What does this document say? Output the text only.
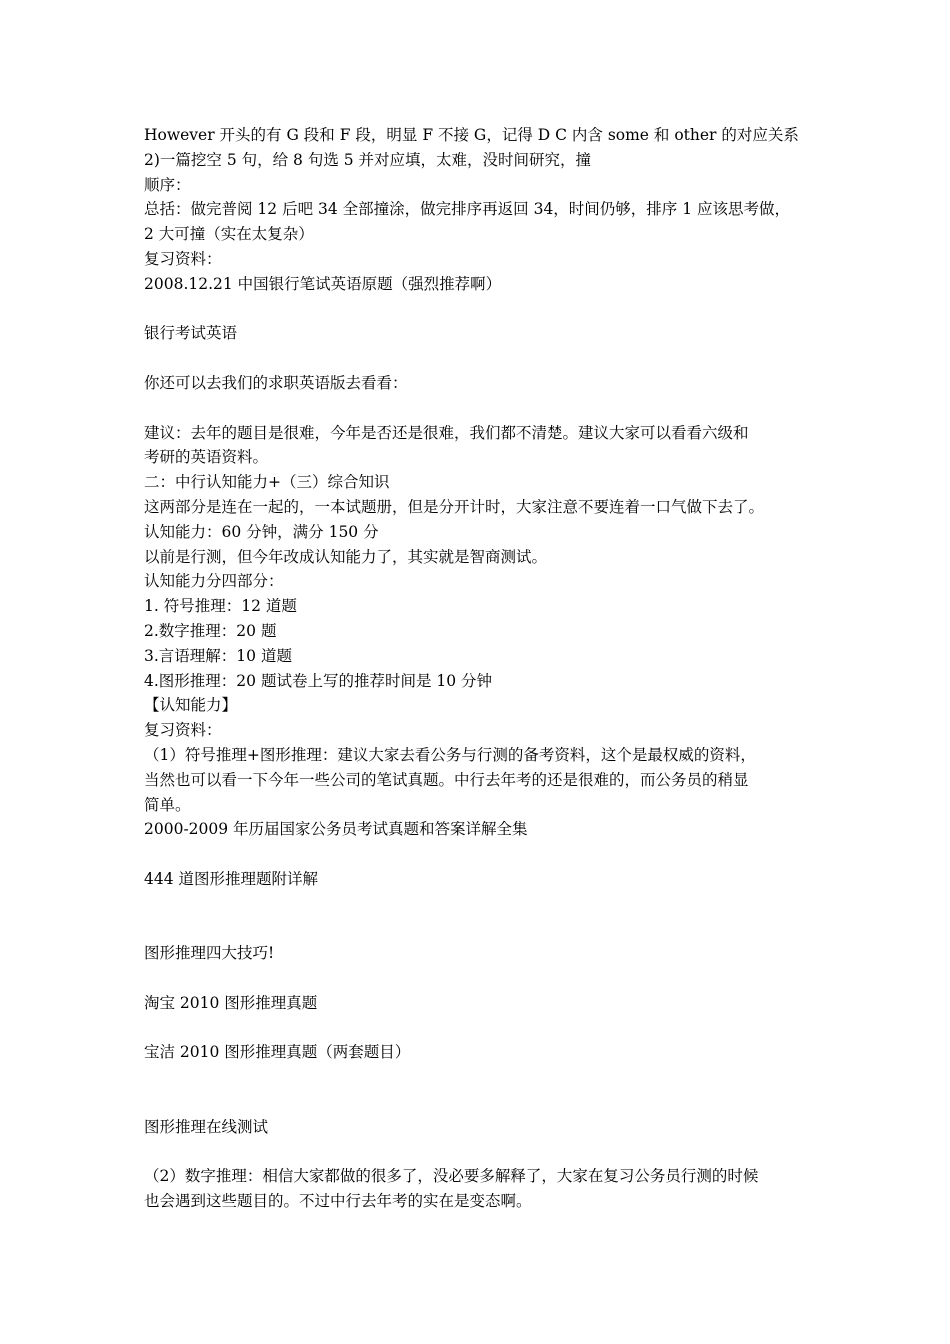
However 开头的有 G 段和 F 段，明显 F 不接 G，记得 D C 内含 some 和 other 的对应关系
2)一篇挖空 5 句，给 8 句选 5 并对应填，太难，没时间研究，撞
顺序：
总括：做完普阅 12 后吧 34 全部撞涂，做完排序再返回 34，时间仍够，排序 1 应该思考做，
2 大可撞（实在太复杂）
复习资料：
2008.12.21 中国银行笔试英语原题（强烈推荐啊）
银行考试英语
你还可以去我们的求职英语版去看看：
建议：去年的题目是很难，今年是否还是很难，我们都不清楚。建议大家可以看看六级和
考研的英语资料。
二：中行认知能力+（三）综合知识
这两部分是连在一起的，一本试题册，但是分开计时，大家注意不要连着一口气做下去了。
认知能力：60 分钟，满分 150 分
以前是行测，但今年改成认知能力了，其实就是智商测试。
认知能力分四部分：
1. 符号推理：12 道题
2.数字推理：20 题
3.言语理解：10 道题
4.图形推理：20 题试卷上写的推荐时间是 10 分钟
【认知能力】
复习资料：
（1）符号推理+图形推理：建议大家去看公务与行测的备考资料，这个是最权威的资料，
当然也可以看一下今年一些公司的笔试真题。中行去年考的还是很难的，而公务员的稍显
简单。
2000-2009 年历届国家公务员考试真题和答案详解全集
444 道图形推理题附详解
图形推理四大技巧!
淘宝 2010 图形推理真题
宝洁 2010 图形推理真题（两套题目）
图形推理在线测试
（2）数字推理：相信大家都做的很多了，没必要多解释了，大家在复习公务员行测的时候
也会遇到这些题目的。不过中行去年考的实在是变态啊。
